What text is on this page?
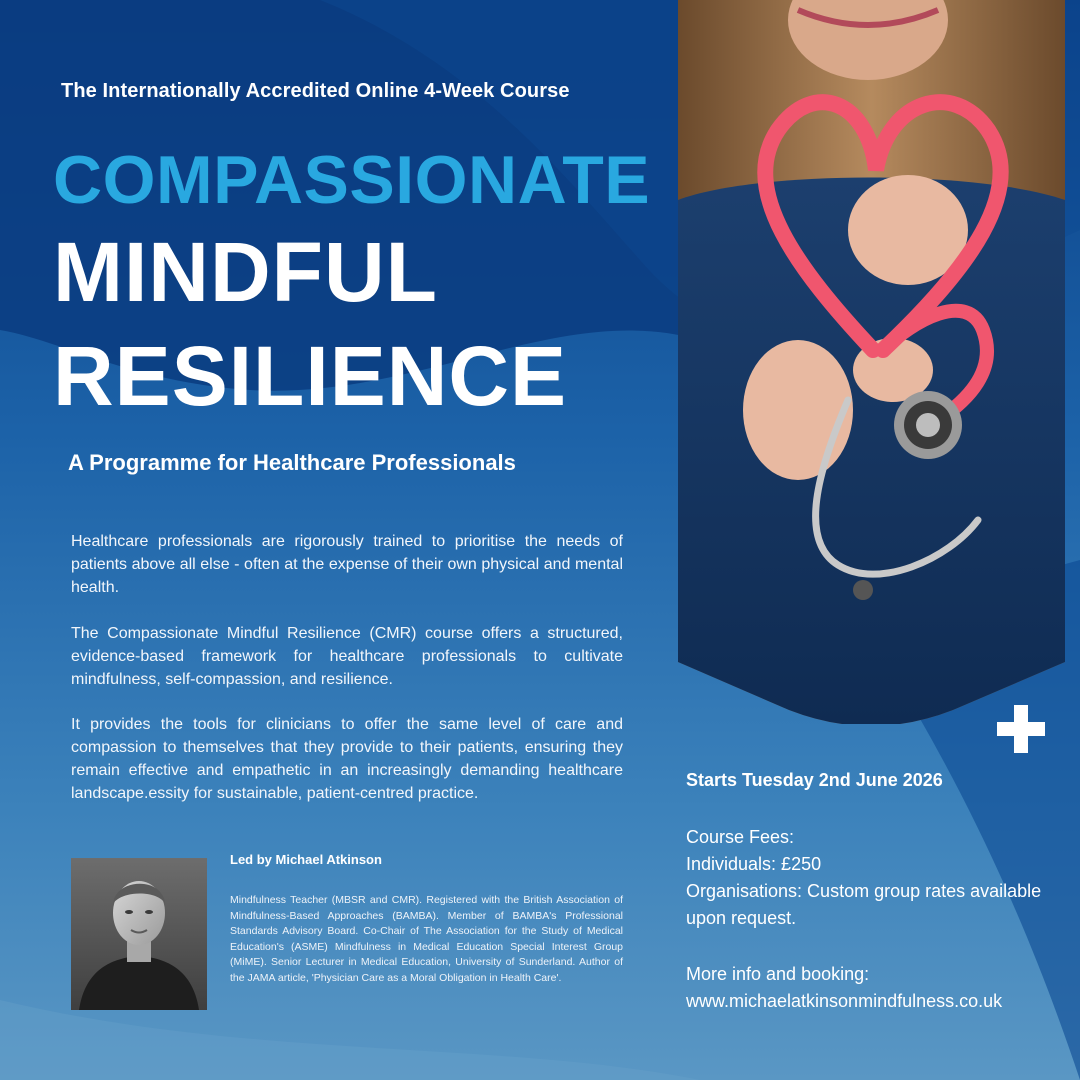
The Internationally Accredited Online 4-Week Course
COMPASSIONATE
MINDFUL
RESILIENCE
A Programme for Healthcare Professionals
Healthcare professionals are rigorously trained to prioritise the needs of patients above all else - often at the expense of their own physical and mental health.
The Compassionate Mindful Resilience (CMR) course offers a structured, evidence-based framework for healthcare professionals to cultivate mindfulness, self-compassion, and resilience.
It provides the tools for clinicians to offer the same level of care and compassion to themselves that they provide to their patients, ensuring they remain effective and empathetic in an increasingly demanding healthcare landscape.essity for sustainable, patient-centred practice.
Led by Michael Atkinson
Mindfulness Teacher (MBSR and CMR). Registered with the British Association of Mindfulness-Based Approaches (BAMBA). Member of BAMBA's Professional Standards Advisory Board. Co-Chair of The Association for the Study of Medical Education's (ASME) Mindfulness in Medical Education Special Interest Group (MiME). Senior Lecturer in Medical Education, University of Sunderland. Author of the JAMA article, 'Physician Care as a Moral Obligation in Health Care'.
Starts Tuesday 2nd June 2026
Course Fees:
Individuals: £250
Organisations: Custom group rates available upon request.
More info and booking:
www.michaelatkinsonmindfulness.co.uk
